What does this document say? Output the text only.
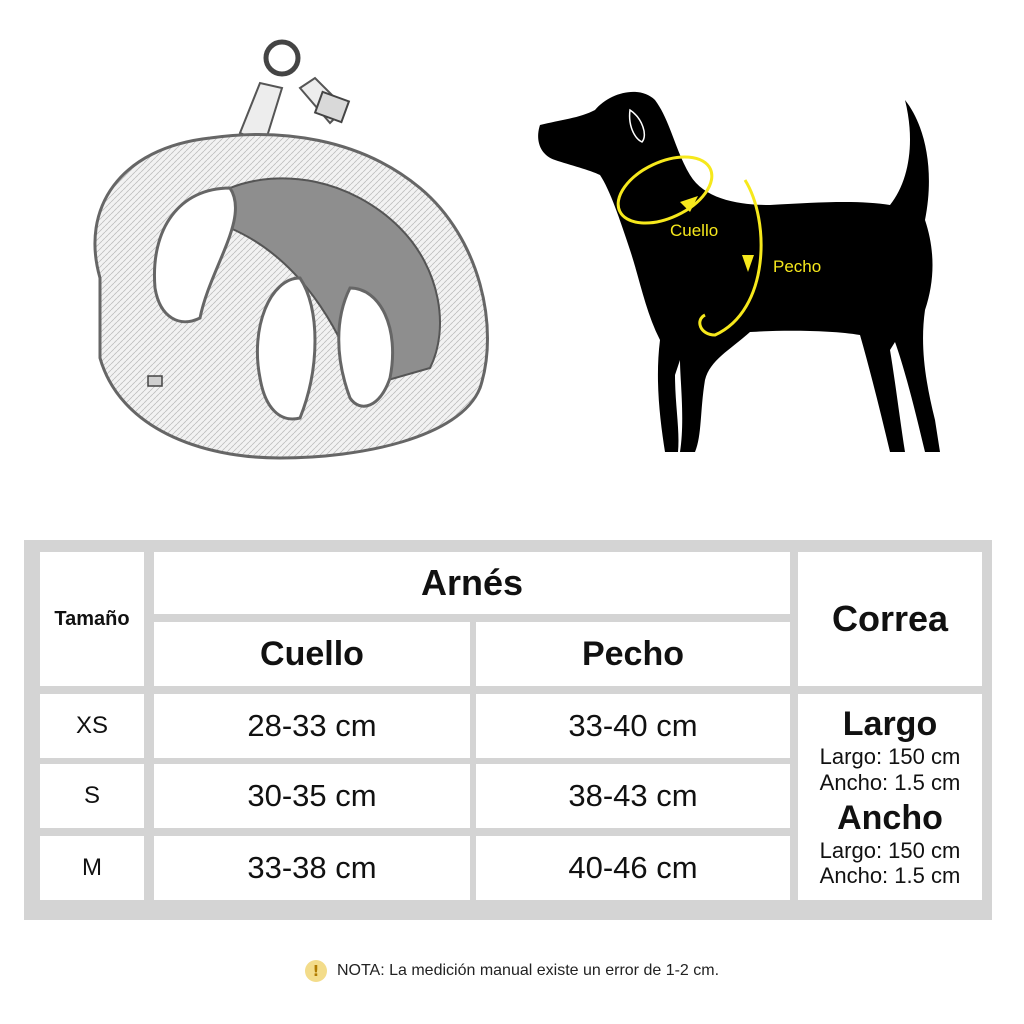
Cuello
Pecho
Tamaño
Arnés
Cuello	Pecho
Correa
XS	28-33 cm	33-40 cm
S	30-35 cm	38-43 cm
M	33-38 cm	40-46 cm
Largo
Largo: 150 cm
Ancho: 1.5 cm
Ancho
Largo: 150 cm
Ancho: 1.5 cm
!	NOTA: La medición manual existe un error de 1-2 cm.
